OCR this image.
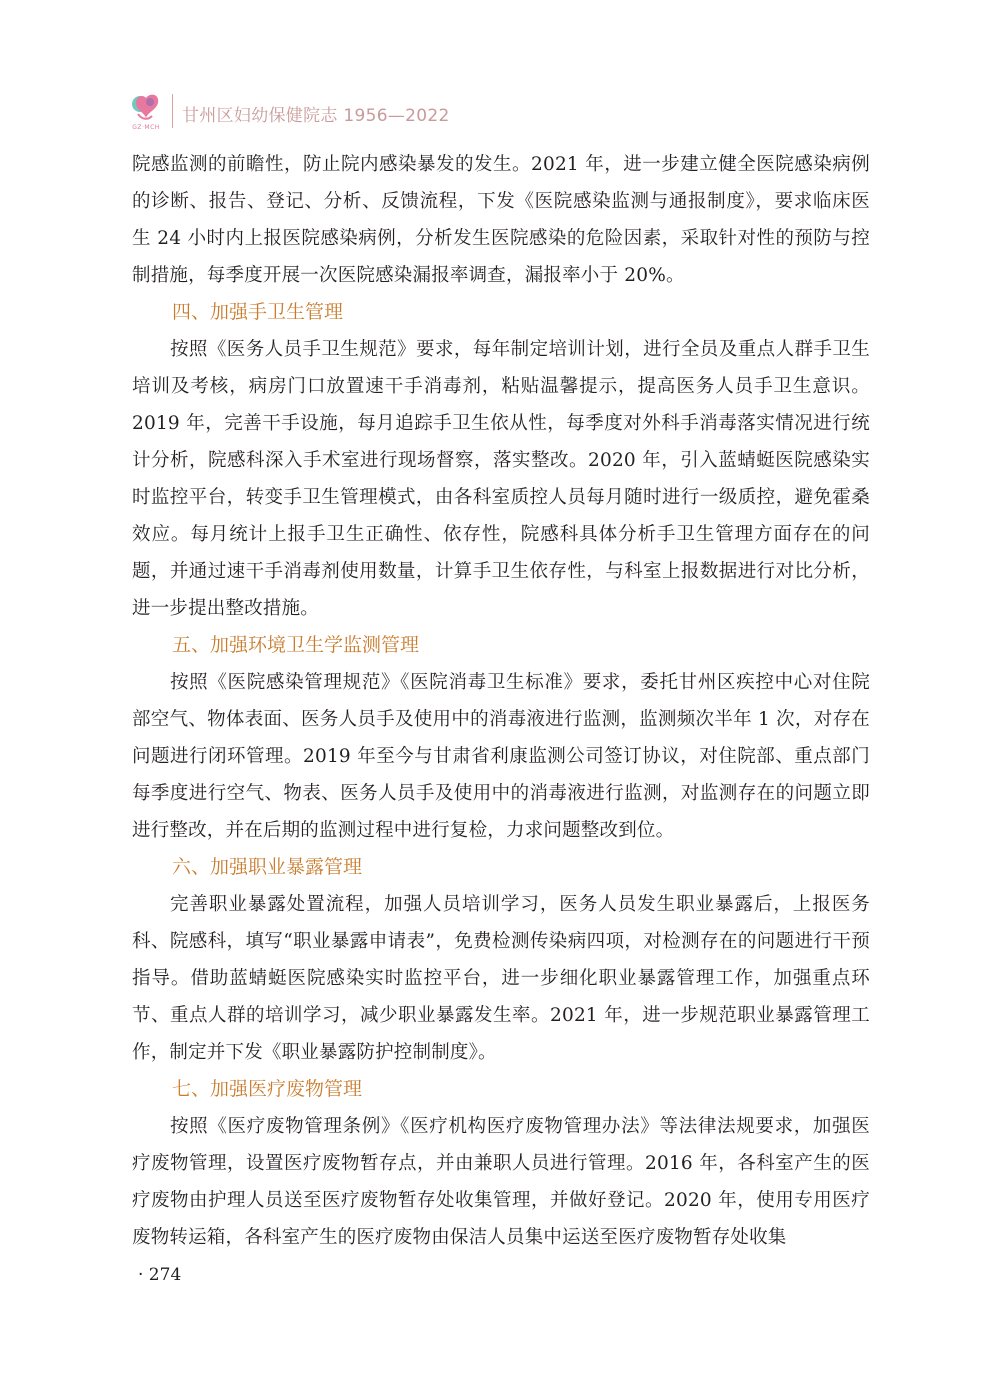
GZ·MCH
甘州区妇幼保健院志 1956—2022

院感监测的前瞻性，防止院内感染暴发的发生。2021 年，进一步建立健全医院感染病例的诊断、报告、登记、分析、反馈流程，下发《医院感染监测与通报制度》，要求临床医生 24 小时内上报医院感染病例，分析发生医院感染的危险因素，采取针对性的预防与控制措施，每季度开展一次医院感染漏报率调查，漏报率小于 20%。

四、加强手卫生管理

按照《医务人员手卫生规范》要求，每年制定培训计划，进行全员及重点人群手卫生培训及考核，病房门口放置速干手消毒剂，粘贴温馨提示，提高医务人员手卫生意识。2019 年，完善干手设施，每月追踪手卫生依从性，每季度对外科手消毒落实情况进行统计分析，院感科深入手术室进行现场督察，落实整改。2020 年，引入蓝蜻蜓医院感染实时监控平台，转变手卫生管理模式，由各科室质控人员每月随时进行一级质控，避免霍桑效应。每月统计上报手卫生正确性、依存性，院感科具体分析手卫生管理方面存在的问题，并通过速干手消毒剂使用数量，计算手卫生依存性，与科室上报数据进行对比分析，进一步提出整改措施。

五、加强环境卫生学监测管理

按照《医院感染管理规范》《医院消毒卫生标准》要求，委托甘州区疾控中心对住院部空气、物体表面、医务人员手及使用中的消毒液进行监测，监测频次半年 1 次，对存在问题进行闭环管理。2019 年至今与甘肃省利康监测公司签订协议，对住院部、重点部门每季度进行空气、物表、医务人员手及使用中的消毒液进行监测，对监测存在的问题立即进行整改，并在后期的监测过程中进行复检，力求问题整改到位。

六、加强职业暴露管理

完善职业暴露处置流程，加强人员培训学习，医务人员发生职业暴露后，上报医务科、院感科，填写“职业暴露申请表”，免费检测传染病四项，对检测存在的问题进行干预指导。借助蓝蜻蜓医院感染实时监控平台，进一步细化职业暴露管理工作，加强重点环节、重点人群的培训学习，减少职业暴露发生率。2021 年，进一步规范职业暴露管理工作，制定并下发《职业暴露防护控制制度》。

七、加强医疗废物管理

按照《医疗废物管理条例》《医疗机构医疗废物管理办法》等法律法规要求，加强医疗废物管理，设置医疗废物暂存点，并由兼职人员进行管理。2016 年，各科室产生的医疗废物由护理人员送至医疗废物暂存处收集管理，并做好登记。2020 年，使用专用医疗废物转运箱，各科室产生的医疗废物由保洁人员集中运送至医疗废物暂存处收集

· 274
